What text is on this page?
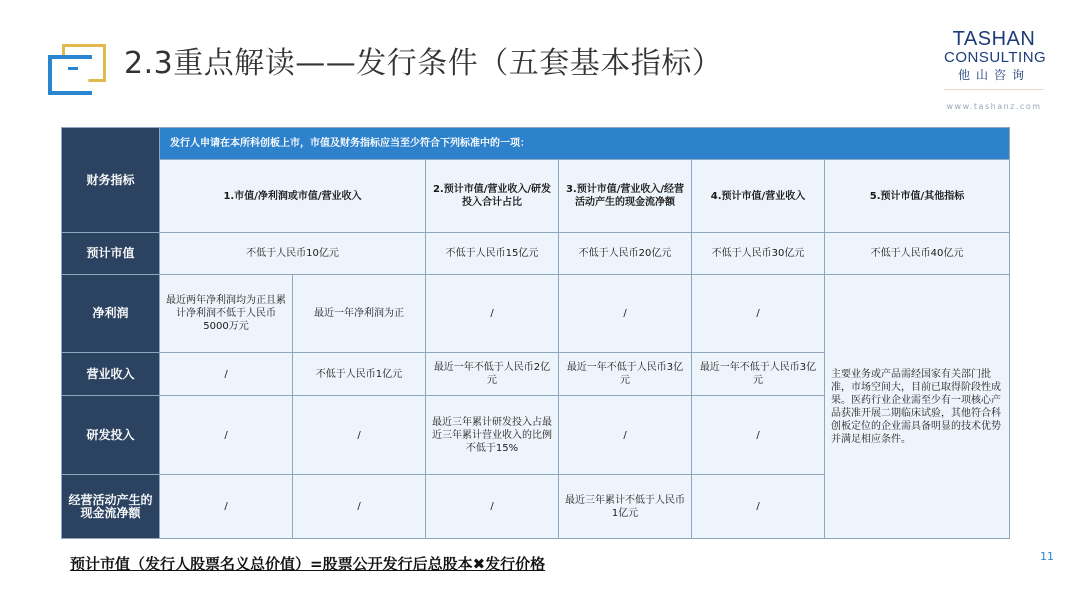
2.3重点解读——发行条件（五套基本指标）
TASHAN
CONSULTING
他山咨询
www.tashanz.com
财务指标	发行人申请在本所科创板上市，市值及财务指标应当至少符合下列标准中的一项：					
	1.市值/净利润或市值/营业收入		2.预计市值/营业收入/研发投入合计占比	3.预计市值/营业收入/经营活动产生的现金流净额	4.预计市值/营业收入	5.预计市值/其他指标
预计市值	不低于人民币10亿元		不低于人民币15亿元	不低于人民币20亿元	不低于人民币30亿元	不低于人民币40亿元
净利润	最近两年净利润均为正且累计净利润不低于人民币5000万元	最近一年净利润为正	/	/	/	主要业务或产品需经国家有关部门批准，市场空间大，目前已取得阶段性成果。医药行业企业需至少有一项核心产品获准开展二期临床试验，其他符合科创板定位的企业需具备明显的技术优势并满足相应条件。
营业收入	/	不低于人民币1亿元	最近一年不低于人民币2亿元	最近一年不低于人民币3亿元	最近一年不低于人民币3亿元	
研发投入	/	/	最近三年累计研发投入占最近三年累计营业收入的比例不低于15%	/	/	
经营活动产生的现金流净额	/	/	/	最近三年累计不低于人民币1亿元	/	
预计市值（发行人股票名义总价值）=股票公开发行后总股本✖发行价格	11
